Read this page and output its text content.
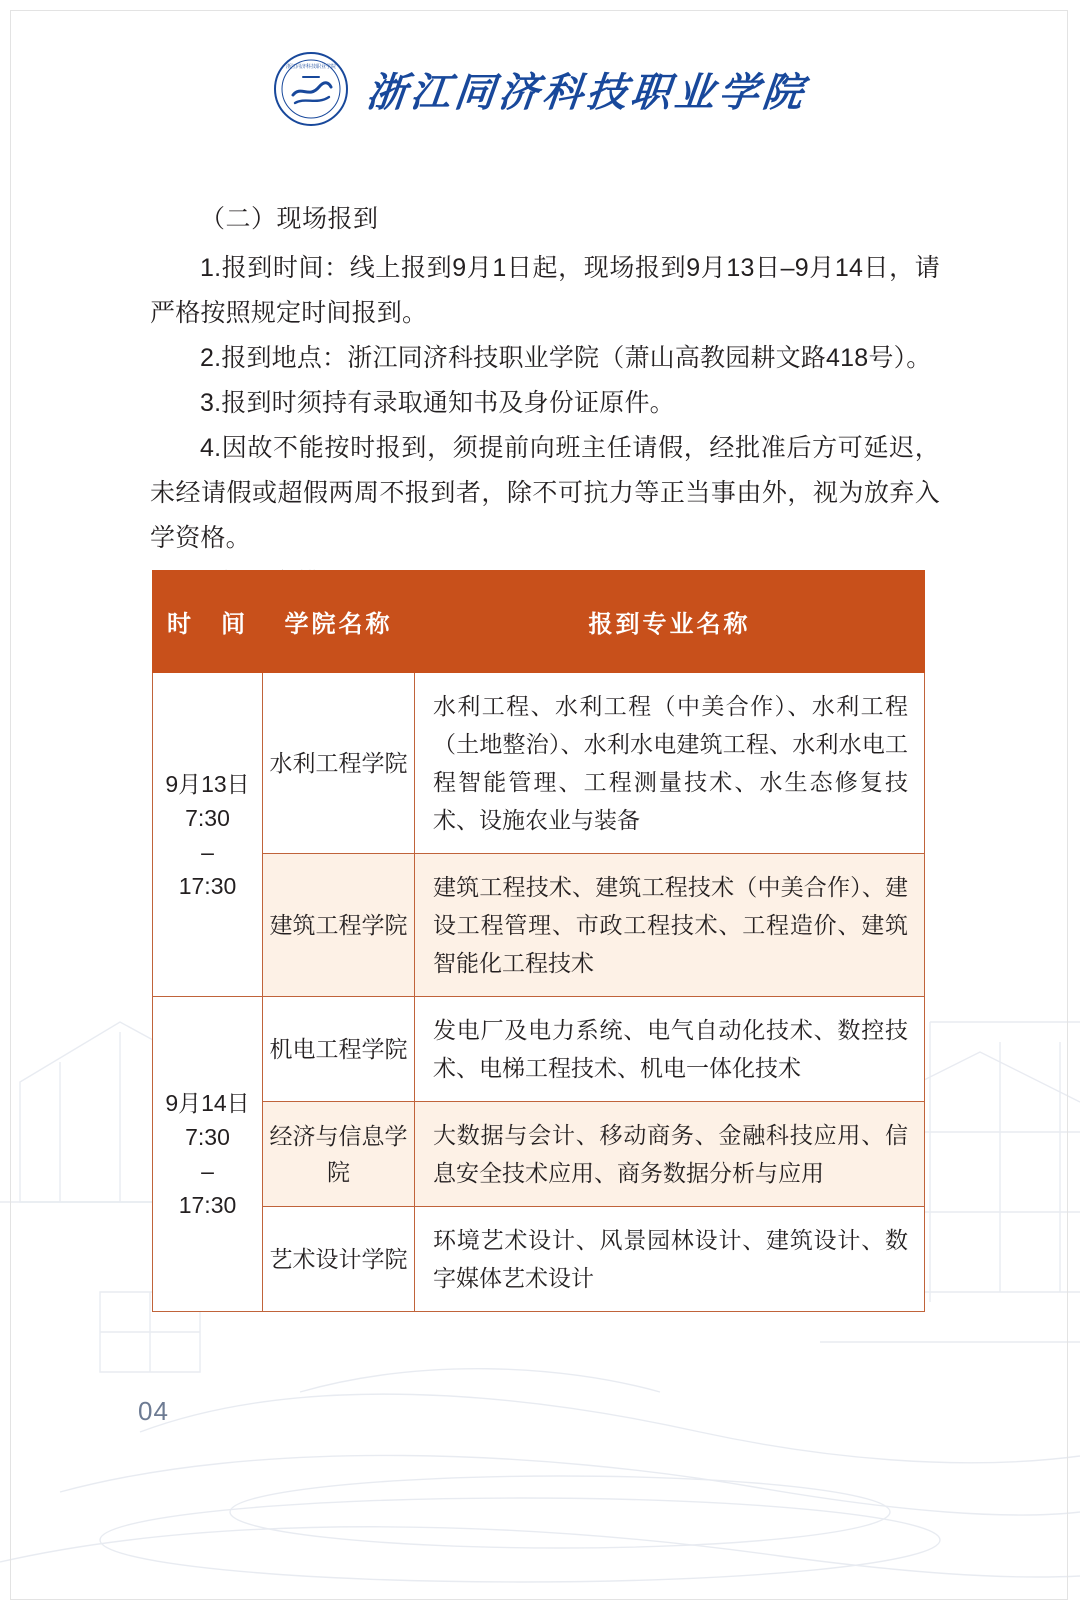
浙江同济科技职业学院
浙江同济科技职业学院
（二）现场报到

1.报到时间：线上报到9月1日起，现场报到9月13日–9月14日，请严格按照规定时间报到。

2.报到地点：浙江同济科技职业学院（萧山高教园耕文路418号）。

3.报到时须持有录取通知书及身份证原件。

4.因故不能按时报到，须提前向班主任请假，经批准后方可延迟，未经请假或超假两周不报到者，除不可抗力等正当事由外，视为放弃入学资格。

时　间	学院名称	报到专业名称

9月13日
7:30
–
17:30	水利工程学院	水利工程、水利工程（中美合作）、水利工程（土地整治）、水利水电建筑工程、水利水电工程智能管理、工程测量技术、水生态修复技术、设施农业与装备
	建筑工程学院	建筑工程技术、建筑工程技术（中美合作）、建设工程管理、市政工程技术、工程造价、建筑智能化工程技术

9月14日
7:30
–
17:30	机电工程学院	发电厂及电力系统、电气自动化技术、数控技术、电梯工程技术、机电一体化技术
	经济与信息学院	大数据与会计、移动商务、金融科技应用、信息安全技术应用、商务数据分析与应用
	艺术设计学院	环境艺术设计、风景园林设计、建筑设计、数字媒体艺术设计
04
